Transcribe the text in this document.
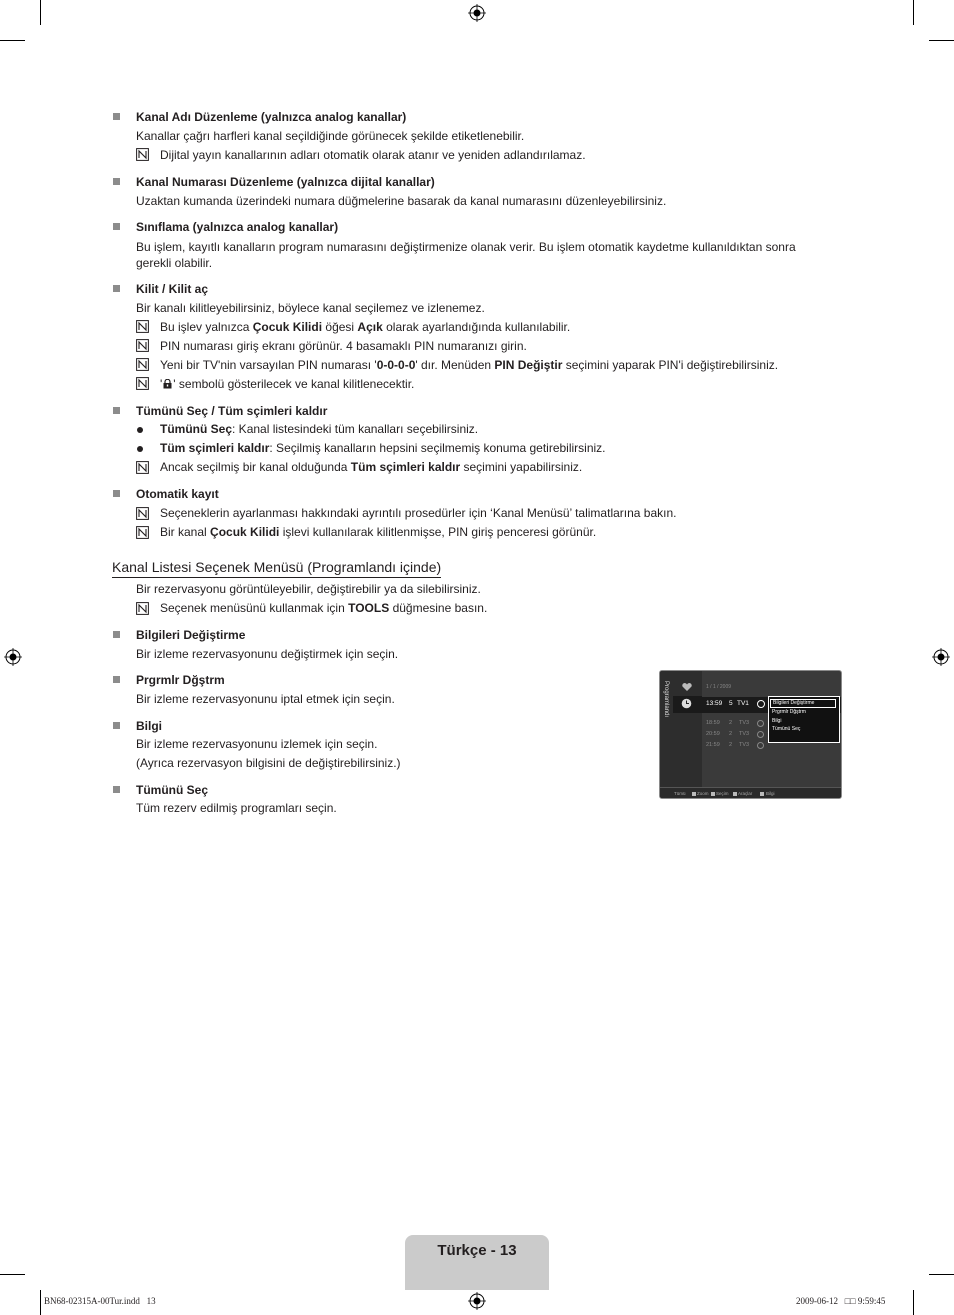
Kanal Adı Düzenleme (yalnızca analog kanallar)
Kanallar çağrı harfleri kanal seçildiğinde görünecek şekilde etiketlenebilir.
Dijital yayın kanallarının adları otomatik olarak atanır ve yeniden adlandırılamaz.
Kanal Numarası Düzenleme (yalnızca dijital kanallar)
Uzaktan kumanda üzerindeki numara düğmelerine basarak da kanal numarasını düzenleyebilirsiniz.
Sınıflama (yalnızca analog kanallar)
Bu işlem, kayıtlı kanalların program numarasını değiştirmenize olanak verir. Bu işlem otomatik kaydetme kullanıldıktan sonra gerekli olabilir.
Kilit / Kilit aç
Bir kanalı kilitleyebilirsiniz, böylece kanal seçilemez ve izlenemez.
Bu işlev yalnızca Çocuk Kilidi öğesi Açık olarak ayarlandığında kullanılabilir.
PIN numarası giriş ekranı görünür. 4 basamaklı PIN numaranızı girin.
Yeni bir TV'nin varsayılan PIN numarası '0-0-0-0' dır. Menüden PIN Değiştir seçimini yaparak PIN'i değiştirebilirsiniz.
' ' sembolü gösterilecek ve kanal kilitlenecektir.
Tümünü Seç / Tüm sçimleri kaldır
Tümünü Seç: Kanal listesindeki tüm kanalları seçebilirsiniz.
Tüm sçimleri kaldır: Seçilmiş kanalların hepsini seçilmemiş konuma getirebilirsiniz.
Ancak seçilmiş bir kanal olduğunda Tüm sçimleri kaldır seçimini yapabilirsiniz.
Otomatik kayıt
Seçeneklerin ayarlanması hakkındaki ayrıntılı prosedürler için ‘Kanal Menüsü’ talimatlarına bakın.
Bir kanal Çocuk Kilidi işlevi kullanılarak kilitlenmişse, PIN giriş penceresi görünür.
Kanal Listesi Seçenek Menüsü (Programlandı içinde)
Bir rezervasyonu görüntüleyebilir, değiştirebilir ya da silebilirsiniz.
Seçenek menüsünü kullanmak için TOOLS düğmesine basın.
Bilgileri Değiştirme
Bir izleme rezervasyonunu değiştirmek için seçin.
Prgrmlr Dğştrm
Bir izleme rezervasyonunu iptal etmek için seçin.
Bilgi
Bir izleme rezervasyonunu izlemek için seçin.
(Ayrıca rezervasyon bilgisini de değiştirebilirsiniz.)
Tümünü Seç
Tüm rezerv edilmiş programları seçin.
Programlandı	1 / 1 / 2009
13:59 5 TV1
18:59 2 TV3
20:59 2 TV3
21:59 2 TV3
Bilgileri Değiştirme
Prgrmlr Dğştrm
Bilgi
Tümünü Seç
Tümü	Zoom Seçim Araçlar	Bilgi
Türkçe - 13
BN68-02315A-00Tur.indd   13	2009-06-12   □□ 9:59:45
